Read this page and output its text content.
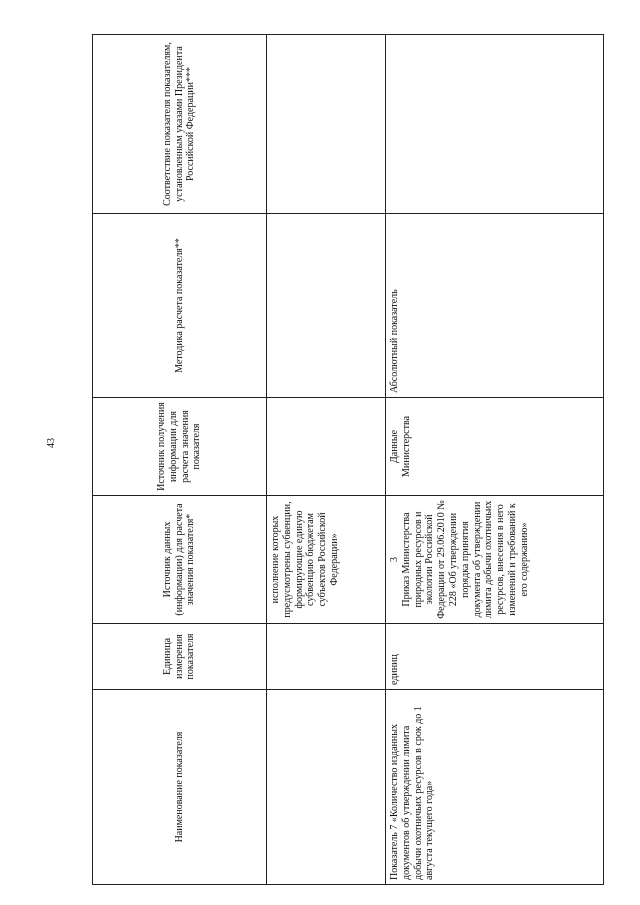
43
Наименование показателя	Единица измерения показателя	Источник данных (информации) для расчета значения показателя*	Источник получения информации для расчета значения показателя	Методика расчета показателя**	Соответствие показателя показателям, установленным указами Президента Российской Федерации***
		исполнение которых предусмотрены субвенции, формирующие единую субвенцию бюджетам субъектов Российской Федерации»			
Показатель 7 «Количество изданных документов об утверждении лимита добычи охотничьих ресурсов в срок до 1 августа текущего года»	единиц	3 Приказ Министерства природных ресурсов и экологии Российской Федерации от 29.06.2010 № 228 «Об утверждении порядка принятия документа об утверждении лимита добычи охотничьих ресурсов, внесения в него изменений и требований к его содержанию»	Данные Министерства	Абсолютный показатель	
